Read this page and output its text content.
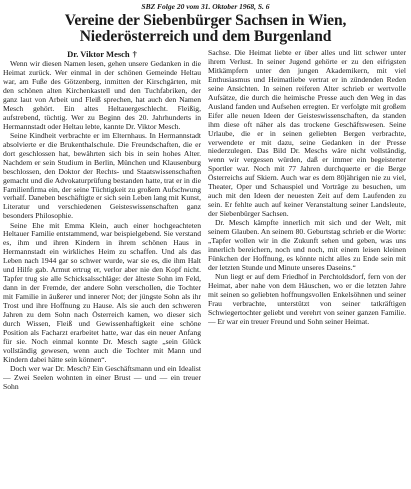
SBZ Folge 20 vom 31. Oktober 1968, S. 6
Vereine der Siebenbürger Sachsen in Wien,
Niederösterreich und dem Burgenland
Dr. Viktor Mesch †

Wenn wir diesen Namen lesen, gehen unsere Gedanken in die Heimat zurück. Wer einmal in der schönen Gemeinde Heltau war, am Fuße des Götzenberg, inmitten der Kirschgärten, mit den schönen alten Kirchenkastell und den Tuchfabriken, der ganz laut von Arbeit und Fleiß sprechen, hat auch den Namen Mesch gehört. Ein altes Heltauergeschlecht. Fleißig, aufstrebend, tüchtig. Wer zu Beginn des 20. Jahrhunderts in Hermannstadt oder Heltau lebte, kannte Dr. Viktor Mesch.

Seine Kindheit verbrachte er im Elternhaus. In Hermannstadt absolvierte er die Brukenthalschule. Die Freundschaften, die er dort geschlossen hat, bewährten sich bis in sein hohes Alter. Nachdem er sein Studium in Berlin, München und Klausenburg beschlossen, den Doktor der Rechts- und Staatswissenschaften gemacht und die Advokaturprüfung bestanden hatte, trat er in die Familienfirma ein, der seine Tüchtigkeit zu großem Aufschwung verhalf. Daneben beschäftigte er sich sein Leben lang mit Kunst, Literatur und verschiedenen Geisteswissenschaften ganz besonders Philosophie.

Seine Ehe mit Emma Klein, auch einer hochgeachteten Heltauer Familie entstammend, war beispielgebend. Sie verstand es, ihm und ihren Kindern in ihrem schönen Haus in Hermannstadt ein wirkliches Heim zu schaffen. Und als das Leben nach 1944 gar so schwer wurde, war sie es, die ihm Halt und Hilfe gab. Armut ertrug er, verlor aber nie den Kopf nicht. Tapfer trug sie alle Schicksalsschläge: der älteste Sohn im Feld, dann in der Fremde, der andere Sohn verschollen, die Tochter mit Familie in äußerer und innerer Not; der jüngste Sohn als ihr Trost und ihre Hoffnung zu Hause. Als sie auch den schweren Jahren zu dem Sohn nach Österreich kamen, wo dieser sich durch Wissen, Fleiß und Gewissenhaftigkeit eine schöne Position als Facharzt erarbeitet hatte, war das ein neuer Anfang für sie. Noch einmal konnte Dr. Mesch sagte „sein Glück vollständig gewesen, wenn auch die Tochter mit Mann und Kindern dabei hätte sein können“.

Doch wer war Dr. Mesch? Ein Geschäftsmann und ein Idealist — Zwei Seelen wohnten in einer Brust — und — ein treuer Sohn

Sachse. Die Heimat liebte er über alles und litt schwer unter ihrem Verlust. In seiner Jugend gehörte er zu den eifrigsten Mitkämpfern unter den jungen Akademikern, mit viel Enthusiasmus und Heimatliebe vertrat er in zündenden Reden seine Ansichten. In seinen reiferen Alter schrieb er wertvolle Aufsätze, die durch die heimische Presse auch den Weg in das Ausland fanden und Aufsehen erregten. Er verfolgte mit großem Eifer alle neuen Ideen der Geisteswissenschaften, da standen ihm diese oft näher als das trockene Geschäftswesen. Seine Urlaube, die er in seinen geliebten Bergen verbrachte, verwendete er mit dazu, seine Gedanken in der Presse niederzulegen. Das Bild Dr. Meschs wäre nicht vollständig, wenn wir vergessen würden, daß er immer ein begeisterter Sportler war. Noch mit 77 Jahren durchquerte er die Berge Österreichs auf Skiern. Auch war es dem 80jährigen nie zu viel, Theater, Oper und Schauspiel und Vorträge zu besuchen, um auch mit den Ideen der neuesten Zeit auf dem Laufenden zu sein. Er fehlte auch auf keiner Veranstaltung seiner Landsleute, der Siebenbürger Sachsen.

Dr. Mesch kämpfte innerlich mit sich und der Welt, mit seinem Glauben. An seinem 80. Geburtstag schrieb er die Worte: „Tapfer wollen wir in die Zukunft sehen und geben, was uns innerlich bereichern, noch und noch, mit einem leisen kleinen Fünkchen der Hoffnung, es könnte nicht alles zu Ende sein mit der letzten Stunde und Minute unseres Daseins.“

Nun liegt er auf dem Friedhof in Perchtoldsdorf, fern von der Heimat, aber nahe von dem Häuschen, wo er die letzten Jahre mit seinen so geliebten hoffnungsvollen Enkelsöhnen und seiner Frau verbrachte, unterstützt von seiner tatkräftigen Schwiegertochter geliebt und verehrt von seiner ganzen Familie. — Er war ein treuer Freund und Sohn seiner Heimat.
